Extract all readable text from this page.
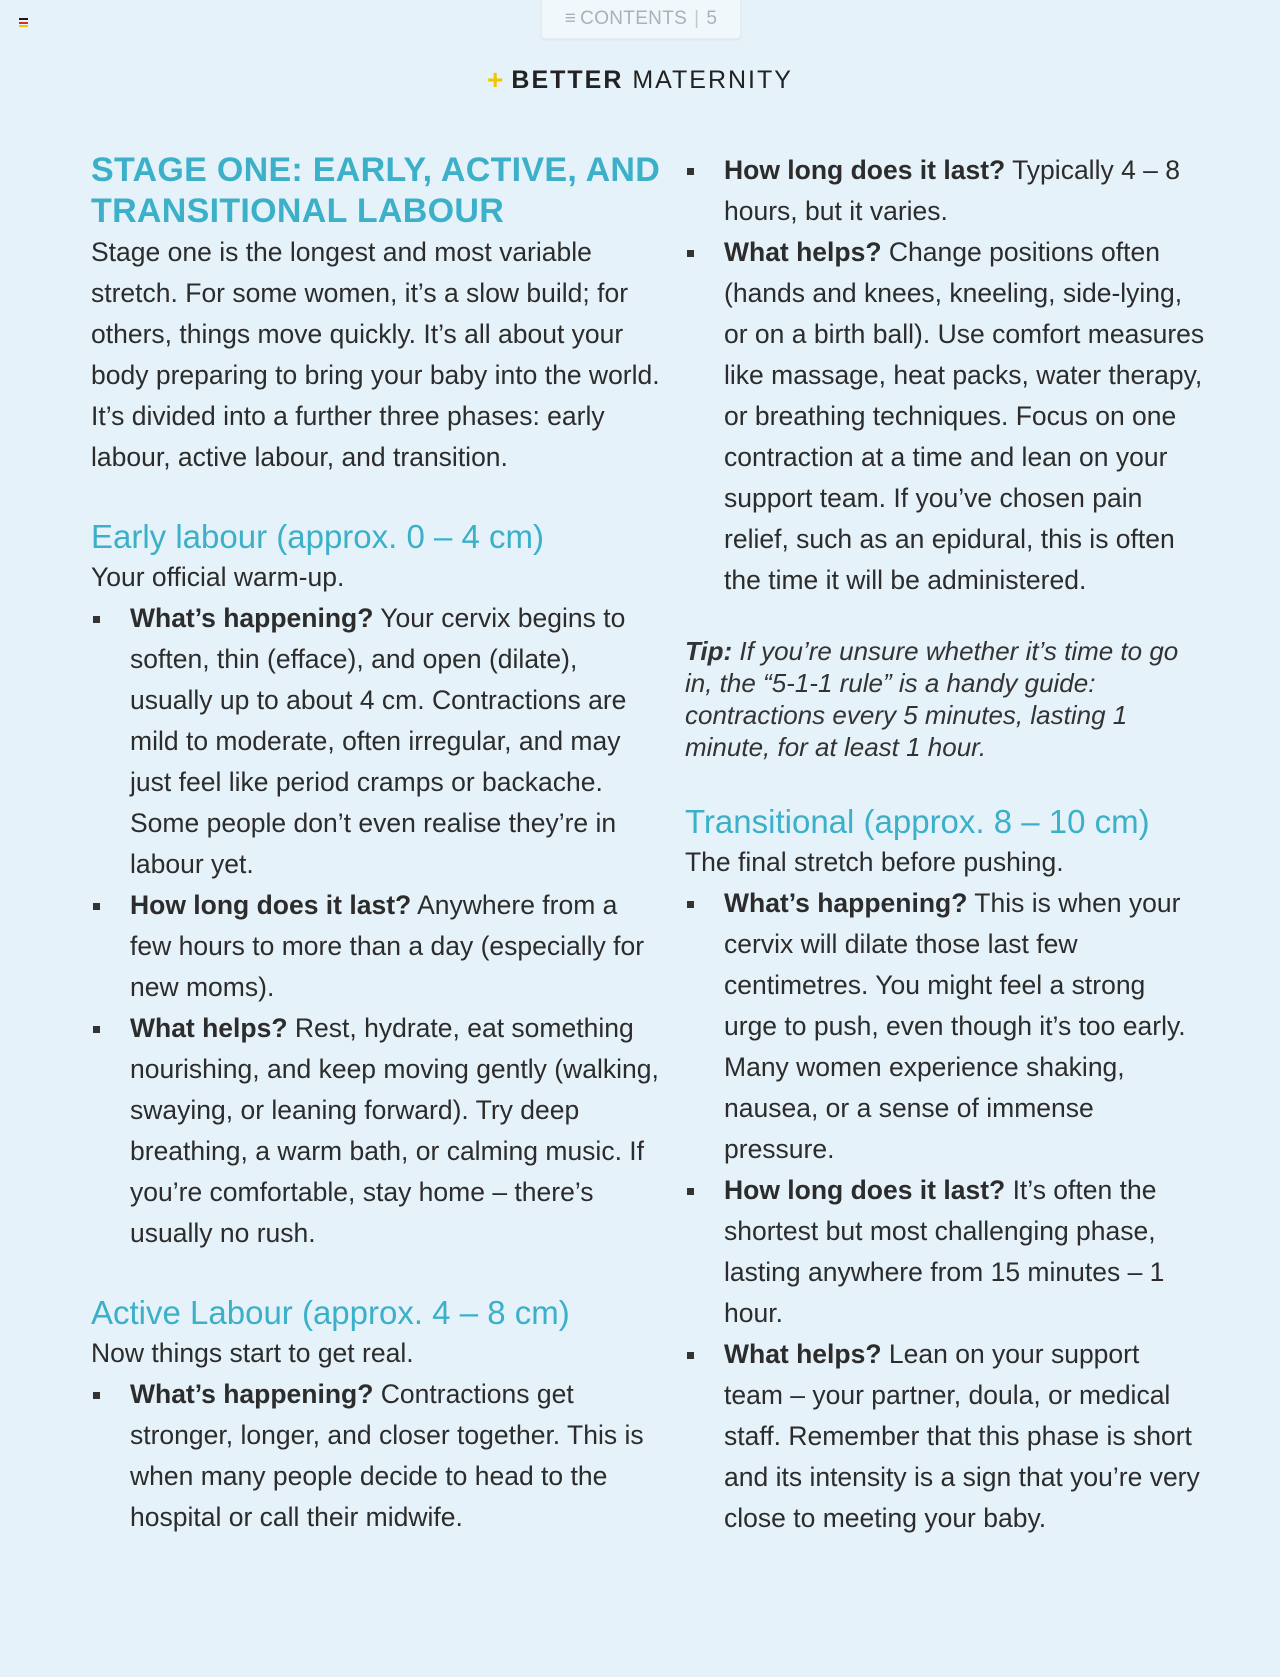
≡ CONTENTS | 5
+ BETTER MATERNITY
STAGE ONE: EARLY, ACTIVE, AND TRANSITIONAL LABOUR

Stage one is the longest and most variable stretch. For some women, it’s a slow build; for others, things move quickly. It’s all about your body preparing to bring your baby into the world. It’s divided into a further three phases: early labour, active labour, and transition.

Early labour (approx. 0 – 4 cm)

Your official warm-up.

What’s happening? Your cervix begins to soften, thin (efface), and open (dilate), usually up to about 4 cm. Contractions are mild to moderate, often irregular, and may just feel like period cramps or backache. Some people don’t even realise they’re in labour yet.
How long does it last? Anywhere from a few hours to more than a day (especially for new moms).
What helps? Rest, hydrate, eat something nourishing, and keep moving gently (walking, swaying, or leaning forward). Try deep breathing, a warm bath, or calming music. If you’re comfortable, stay home – there’s usually no rush.
Active Labour (approx. 4 – 8 cm)

Now things start to get real.

What’s happening? Contractions get stronger, longer, and closer together. This is when many people decide to head to the hospital or call their midwife.
How long does it last? Typically 4 – 8 hours, but it varies.
What helps? Change positions often (hands and knees, kneeling, side-lying, or on a birth ball). Use comfort measures like massage, heat packs, water therapy, or breathing techniques. Focus on one contraction at a time and lean on your support team. If you’ve chosen pain relief, such as an epidural, this is often the time it will be administered.

Tip: If you’re unsure whether it’s time to go in, the “5-1-1 rule” is a handy guide: contractions every 5 minutes, lasting 1 minute, for at least 1 hour.

Transitional (approx. 8 – 10 cm)

The final stretch before pushing.

What’s happening? This is when your cervix will dilate those last few centimetres. You might feel a strong urge to push, even though it’s too early. Many women experience shaking, nausea, or a sense of immense pressure.
How long does it last? It’s often the shortest but most challenging phase, lasting anywhere from 15 minutes – 1 hour.
What helps? Lean on your support team – your partner, doula, or medical staff. Remember that this phase is short and its intensity is a sign that you’re very close to meeting your baby.
